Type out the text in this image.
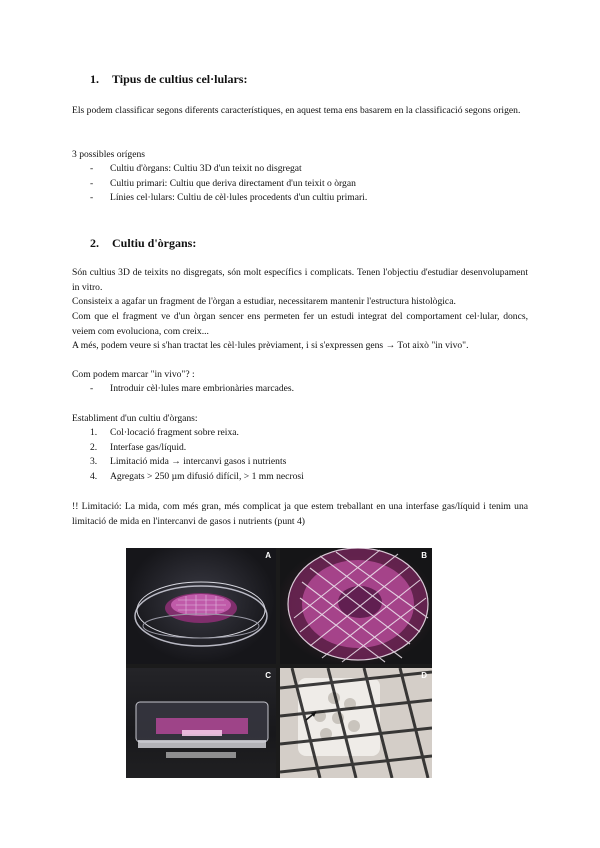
1. Tipus de cultius cel·lulars:

Els podem classificar segons diferents característiques, en aquest tema ens basarem en la classificació segons origen.

3 possibles orígens
- Cultiu d'òrgans: Cultiu 3D d'un teixit no disgregat
- Cultiu primari: Cultiu que deriva directament d'un teixit o òrgan
- Línies cel·lulars: Cultiu de cèl·lules procedents d'un cultiu primari.
2. Cultiu d'òrgans:

Són cultius 3D de teixits no disgregats, són molt específics i complicats. Tenen l'objectiu d'estudiar desenvolupament in vitro.

Consisteix a agafar un fragment de l'òrgan a estudiar, necessitarem mantenir l'estructura histològica.

Com que el fragment ve d'un òrgan sencer ens permeten fer un estudi integrat del comportament cel·lular, doncs, veiem com evoluciona, com creix...

A més, podem veure si s'han tractat les cèl·lules prèviament, i si s'expressen gens → Tot això "in vivo".

Com podem marcar "in vivo"? :
- Introduir cèl·lules mare embrionàries marcades.
Establiment d'un cultiu d'òrgans:
1. Col·locació fragment sobre reixa.
2. Interfase gas/líquid.
3. Limitació mida → intercanvi gasos i nutrients
4. Agregats > 250 µm difusió difícil, > 1 mm necrosi

!! Limitació: La mida, com més gran, més complicat ja que estem treballant en una interfase gas/líquid i tenim una limitació de mida en l'intercanvi de gasos i nutrients (punt 4)

A	B
C	D
